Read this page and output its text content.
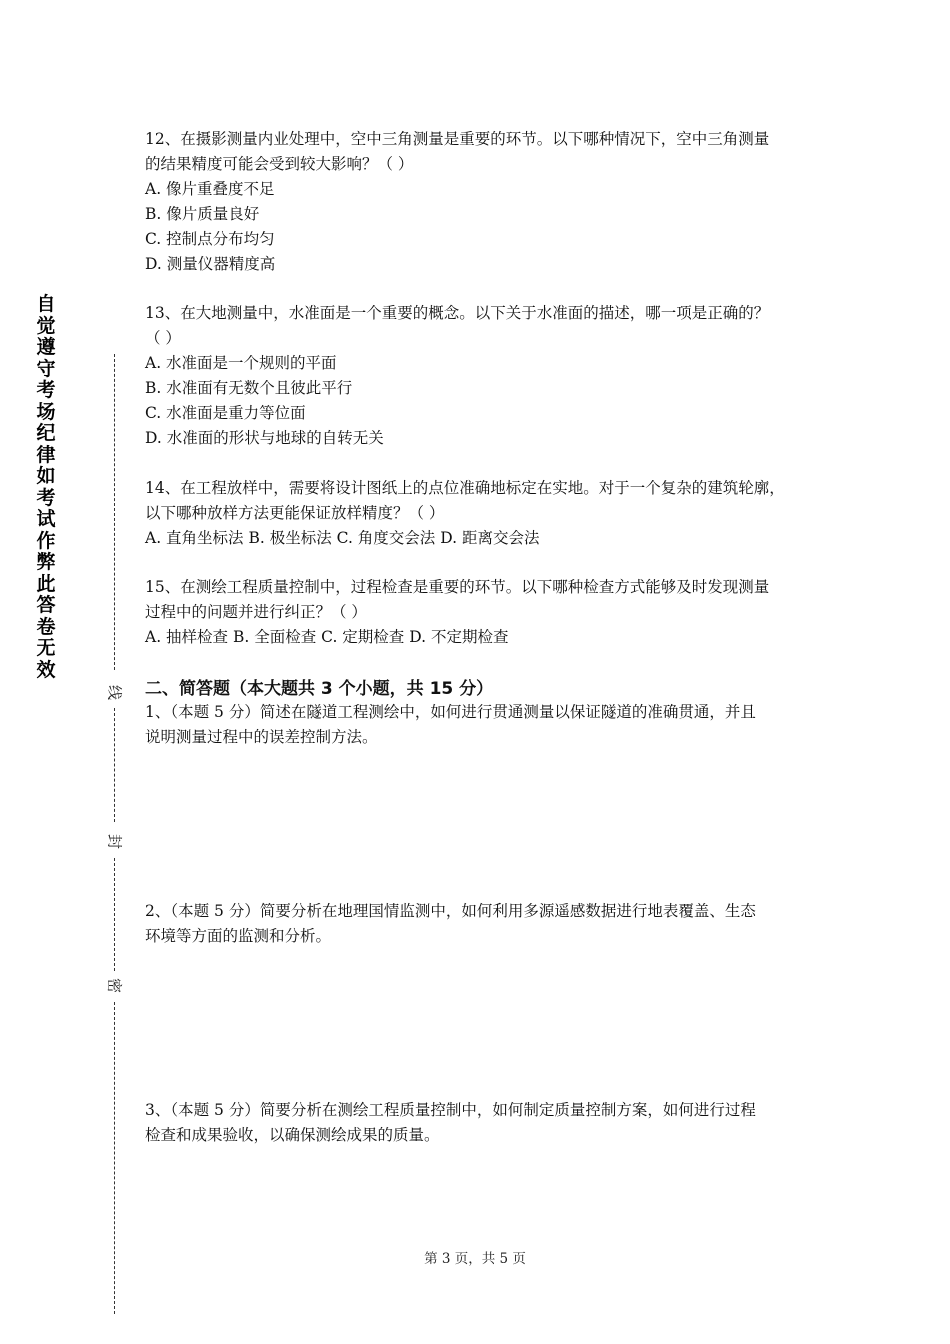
自觉遵守考场纪律如考试作弊此答卷无效
线
封
密
12、在摄影测量内业处理中，空中三角测量是重要的环节。以下哪种情况下，空中三角测量
的结果精度可能会受到较大影响？（ ）
A. 像片重叠度不足
B. 像片质量良好
C. 控制点分布均匀
D. 测量仪器精度高
13、在大地测量中，水准面是一个重要的概念。以下关于水准面的描述，哪一项是正确的？
（ ）
A. 水准面是一个规则的平面
B. 水准面有无数个且彼此平行
C. 水准面是重力等位面
D. 水准面的形状与地球的自转无关
14、在工程放样中，需要将设计图纸上的点位准确地标定在实地。对于一个复杂的建筑轮廓，
以下哪种放样方法更能保证放样精度？（ ）
A. 直角坐标法 B. 极坐标法 C. 角度交会法 D. 距离交会法
15、在测绘工程质量控制中，过程检查是重要的环节。以下哪种检查方式能够及时发现测量
过程中的问题并进行纠正？（ ）
A. 抽样检查 B. 全面检查 C. 定期检查 D. 不定期检查
二、简答题（本大题共 3 个小题，共 15 分）
1、（本题 5 分）简述在隧道工程测绘中，如何进行贯通测量以保证隧道的准确贯通，并且
说明测量过程中的误差控制方法。
2、（本题 5 分）简要分析在地理国情监测中，如何利用多源遥感数据进行地表覆盖、生态
环境等方面的监测和分析。
3、（本题 5 分）简要分析在测绘工程质量控制中，如何制定质量控制方案，如何进行过程
检查和成果验收，以确保测绘成果的质量。
第 3 页，共 5 页
